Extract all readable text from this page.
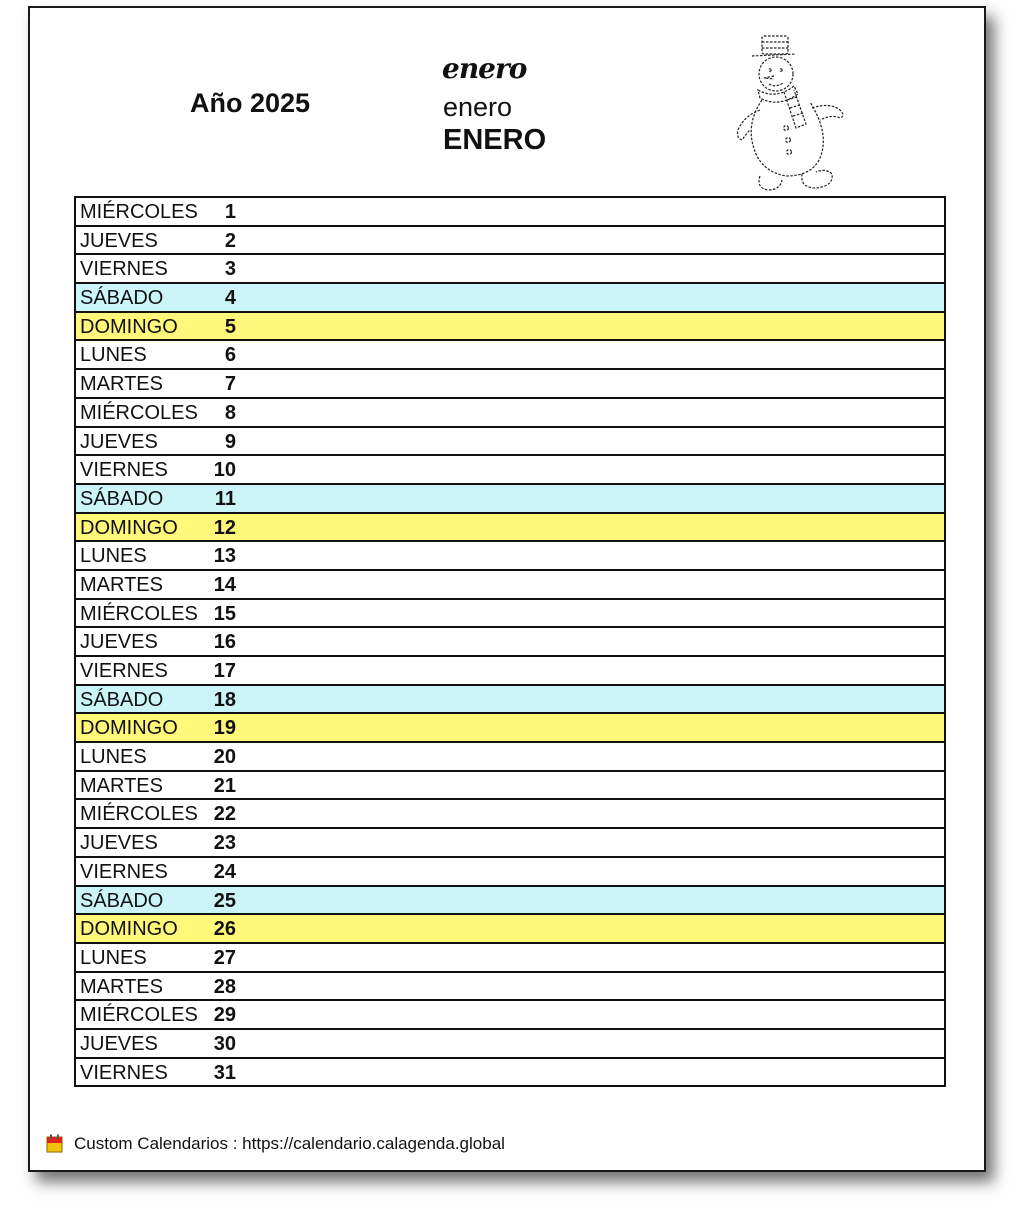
Año 2025
enero
enero
ENERO
MIÉRCOLES	1

JUEVES	2

VIERNES	3

SÁBADO	4

DOMINGO	5

LUNES	6

MARTES	7

MIÉRCOLES	8

JUEVES	9

VIERNES 10

SÁBADO	11

DOMINGO 12

LUNES	13

MARTES	14

MIÉRCOLES 15

JUEVES	16

VIERNES 17

SÁBADO	18

DOMINGO 19

LUNES	20

MARTES	21

MIÉRCOLES 22

JUEVES	23

VIERNES 24

SÁBADO	25

DOMINGO 26

LUNES	27

MARTES	28

MIÉRCOLES 29

JUEVES	30

VIERNES 31
Custom Calendarios : https://calendario.calagenda.global
